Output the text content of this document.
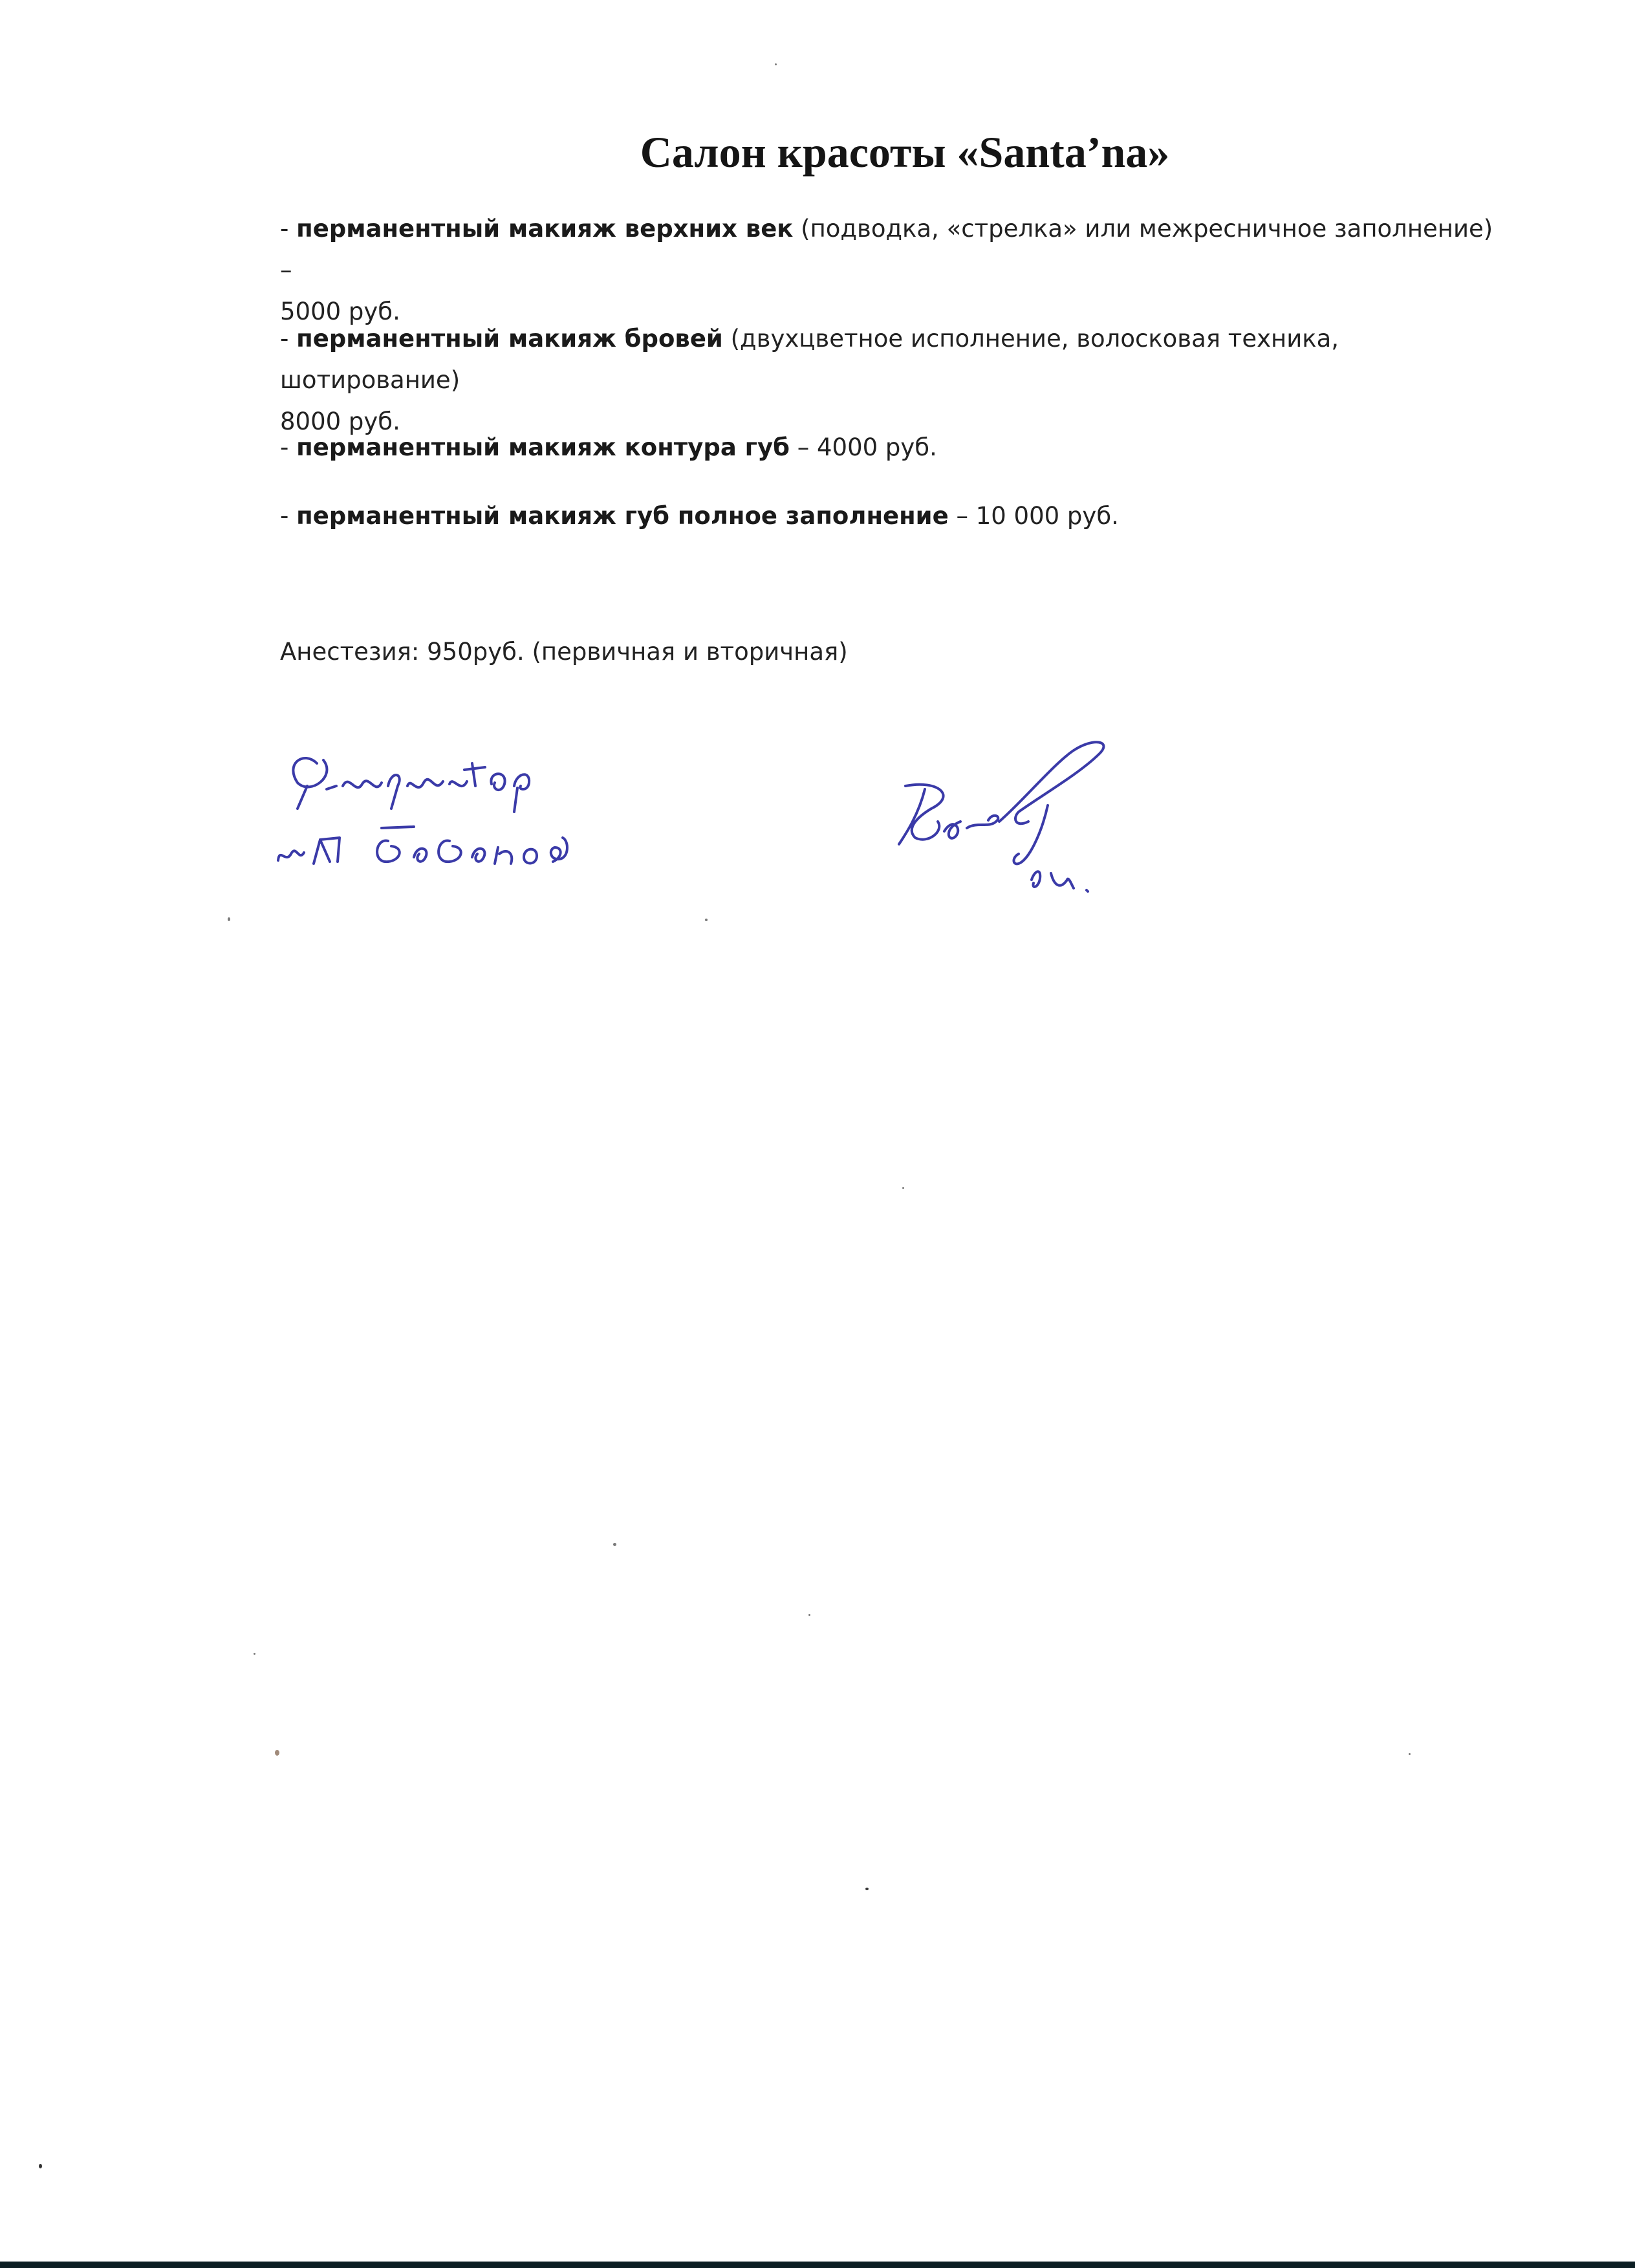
Салон красоты «Santa’na»

- перманентный макияж верхних век (подводка, «стрелка» или межресничное заполнение) –
5000 руб.

- перманентный макияж бровей (двухцветное исполнение, волосковая техника, шотирование)
8000 руб.

- перманентный макияж контура губ – 4000 руб.

- перманентный макияж губ полное заполнение – 10 000 руб.

Анестезия: 950руб. (первичная и вторичная)
